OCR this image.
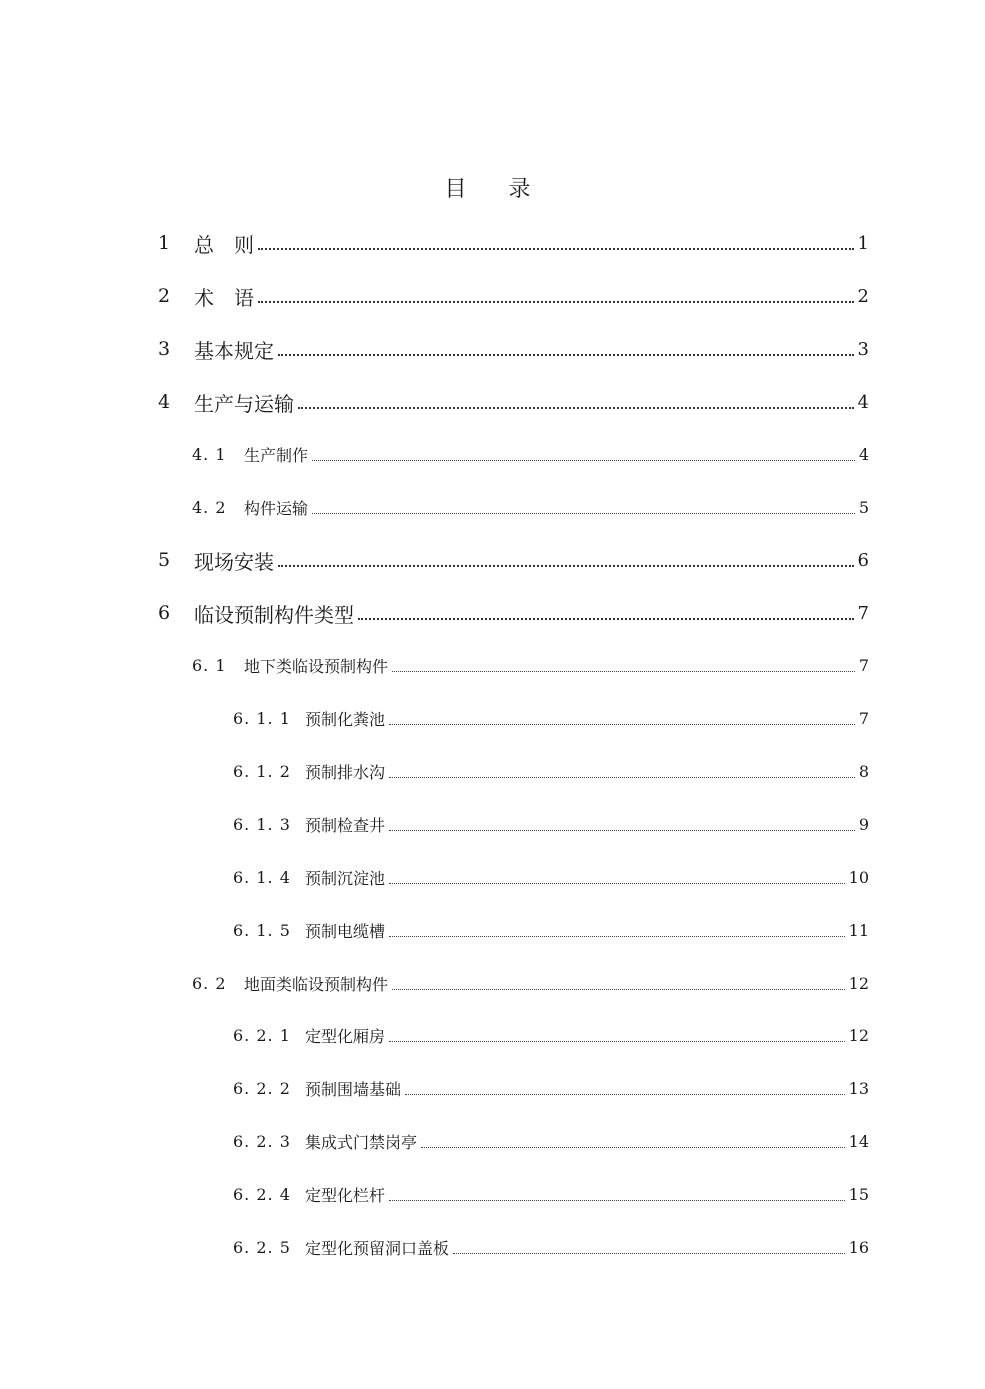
目　录
1	总　则	1
2	术　语	2
3	基本规定	3
4	生产与运输	4
4. 1	生产制作	4
4. 2	构件运输	5
5	现场安装	6
6	临设预制构件类型	7
6. 1	地下类临设预制构件	7
6. 1. 1 预制化粪池	7
6. 1. 2 预制排水沟	8
6. 1. 3 预制检查井	9
6. 1. 4 预制沉淀池	10
6. 1. 5 预制电缆槽	11
6. 2	地面类临设预制构件	12
6. 2. 1 定型化厢房	12
6. 2. 2 预制围墙基础	13
6. 2. 3 集成式门禁岗亭	14
6. 2. 4 定型化栏杆	15
6. 2. 5 定型化预留洞口盖板	16
